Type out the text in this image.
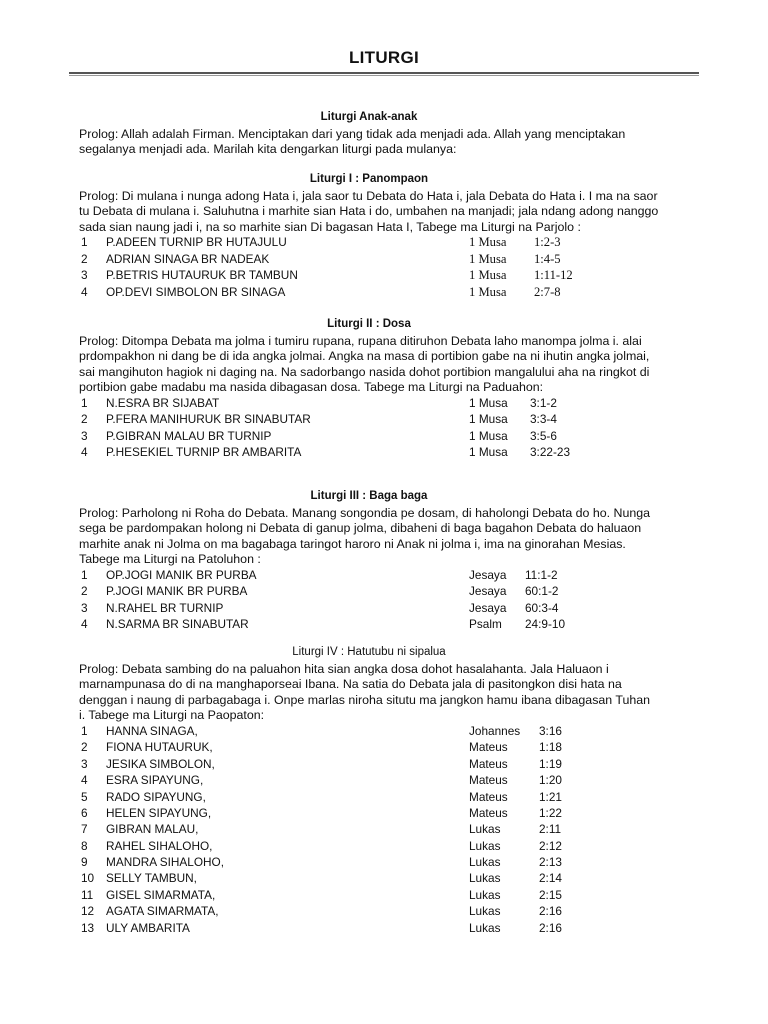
LITURGI
Liturgi Anak-anak

Prolog: Allah adalah Firman. Menciptakan dari yang tidak ada menjadi ada. Allah yang menciptakan segalanya menjadi ada. Marilah kita dengarkan liturgi pada mulanya:

Liturgi I : Panompaon

Prolog: Di mulana i nunga adong Hata i, jala saor tu Debata do Hata i, jala Debata do Hata i. I ma na saor tu Debata di mulana i. Saluhutna i marhite sian Hata i do, umbahen na manjadi; jala ndang adong nanggo sada sian naung jadi i, na so marhite sian Di bagasan Hata I, Tabege ma Liturgi na Parjolo :

1	P.ADEEN TURNIP BR HUTAJULU	1 Musa 1:2-3
2	ADRIAN SINAGA BR NADEAK	1 Musa 1:4-5
3	P.BETRIS HUTAURUK BR TAMBUN	1 Musa 1:11-12
4	OP.DEVI SIMBOLON BR SINAGA	1 Musa 2:7-8
Liturgi II : Dosa

Prolog: Ditompa Debata ma jolma i tumiru rupana, rupana ditiruhon Debata laho manompa jolma i. alai prdompakhon ni dang be di ida angka jolmai. Angka na masa di portibion gabe na ni ihutin angka jolmai, sai mangihuton hagiok ni daging na. Na sadorbango nasida dohot portibion mangalului aha na ringkot di portibion gabe madabu ma nasida dibagasan dosa. Tabege ma Liturgi na Paduahon:

1	N.ESRA BR SIJABAT	1 Musa 3:1-2
2	P.FERA MANIHURUK BR SINABUTAR	1 Musa 3:3-4
3	P.GIBRAN MALAU BR TURNIP	1 Musa 3:5-6
4	P.HESEKIEL TURNIP BR AMBARITA	1 Musa 3:22-23
Liturgi III : Baga baga

Prolog: Parholong ni Roha do Debata. Manang songondia pe dosam, di haholongi Debata do ho. Nunga sega be pardompakan holong ni Debata di ganup jolma, dibaheni di baga bagahon Debata do haluaon marhite anak ni Jolma on ma bagabaga taringot haroro ni Anak ni jolma i, ima na ginorahan Mesias. Tabege ma Liturgi na Patoluhon :

1	OP.JOGI MANIK BR PURBA	Jesaya 11:1-2
2	P.JOGI MANIK BR PURBA	Jesaya 60:1-2
3	N.RAHEL BR TURNIP	Jesaya 60:3-4
4	N.SARMA BR SINABUTAR	Psalm 24:9-10
Liturgi IV : Hatutubu ni sipalua

Prolog: Debata sambing do na paluahon hita sian angka dosa dohot hasalahanta. Jala Haluaon i marnampunasa do di na manghaporseai Ibana. Na satia do Debata jala di pasitongkon disi hata na denggan i naung di parbagabaga i. Onpe marlas niroha situtu ma jangkon hamu ibana dibagasan Tuhan i. Tabege ma Liturgi na Paopaton:

1	HANNA SINAGA,	Johannes 3:16
2	FIONA HUTAURUK,	Mateus	1:18
3	JESIKA SIMBOLON,	Mateus	1:19
4	ESRA SIPAYUNG,	Mateus	1:20
5	RADO SIPAYUNG,	Mateus	1:21
6	HELEN SIPAYUNG,	Mateus	1:22
7	GIBRAN MALAU,	Lukas	2:11
8	RAHEL SIHALOHO,	Lukas	2:12
9	MANDRA SIHALOHO,	Lukas	2:13
10	SELLY TAMBUN,	Lukas	2:14
11	GISEL SIMARMATA,	Lukas	2:15
12	AGATA SIMARMATA,	Lukas	2:16
13	ULY AMBARITA	Lukas	2:16
